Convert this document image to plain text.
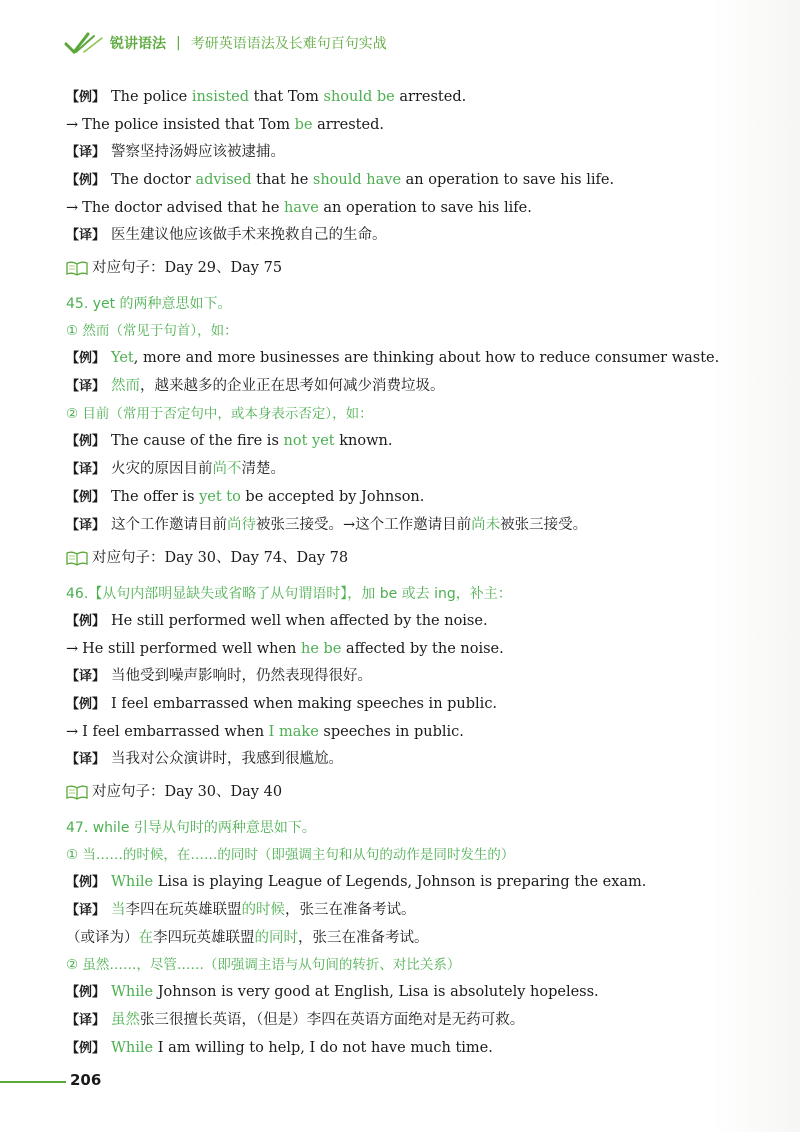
锐讲语法 | 考研英语语法及长难句百句实战
【例】 The police insisted that Tom should be arrested.
→ The police insisted that Tom be arrested.
【译】 警察坚持汤姆应该被逮捕。
【例】 The doctor advised that he should have an operation to save his life.
→ The doctor advised that he have an operation to save his life.
【译】 医生建议他应该做手术来挽救自己的生命。
对应句子：Day 29、Day 75
45. yet 的两种意思如下。
① 然而（常见于句首），如：
【例】 Yet, more and more businesses are thinking about how to reduce consumer waste.
【译】 然而，越来越多的企业正在思考如何减少消费垃圾。
② 目前（常用于否定句中，或本身表示否定），如：
【例】 The cause of the fire is not yet known.
【译】 火灾的原因目前尚不清楚。
【例】 The offer is yet to be accepted by Johnson.
【译】 这个工作邀请目前尚待被张三接受。→这个工作邀请目前尚未被张三接受。
对应句子：Day 30、Day 74、Day 78
46.【从句内部明显缺失或省略了从句谓语时】，加 be 或去 ing，补主：
【例】 He still performed well when affected by the noise.
→ He still performed well when he be affected by the noise.
【译】 当他受到噪声影响时，仍然表现得很好。
【例】 I feel embarrassed when making speeches in public.
→ I feel embarrassed when I make speeches in public.
【译】 当我对公众演讲时，我感到很尴尬。
对应句子：Day 30、Day 40
47. while 引导从句时的两种意思如下。
① 当……的时候，在……的同时（即强调主句和从句的动作是同时发生的）
【例】 While Lisa is playing League of Legends, Johnson is preparing the exam.
【译】 当李四在玩英雄联盟的时候，张三在准备考试。
（或译为）在李四玩英雄联盟的同时，张三在准备考试。
② 虽然……，尽管……（即强调主语与从句间的转折、对比关系）
【例】 While Johnson is very good at English, Lisa is absolutely hopeless.
【译】 虽然张三很擅长英语，（但是）李四在英语方面绝对是无药可救。
【例】 While I am willing to help, I do not have much time.
206
